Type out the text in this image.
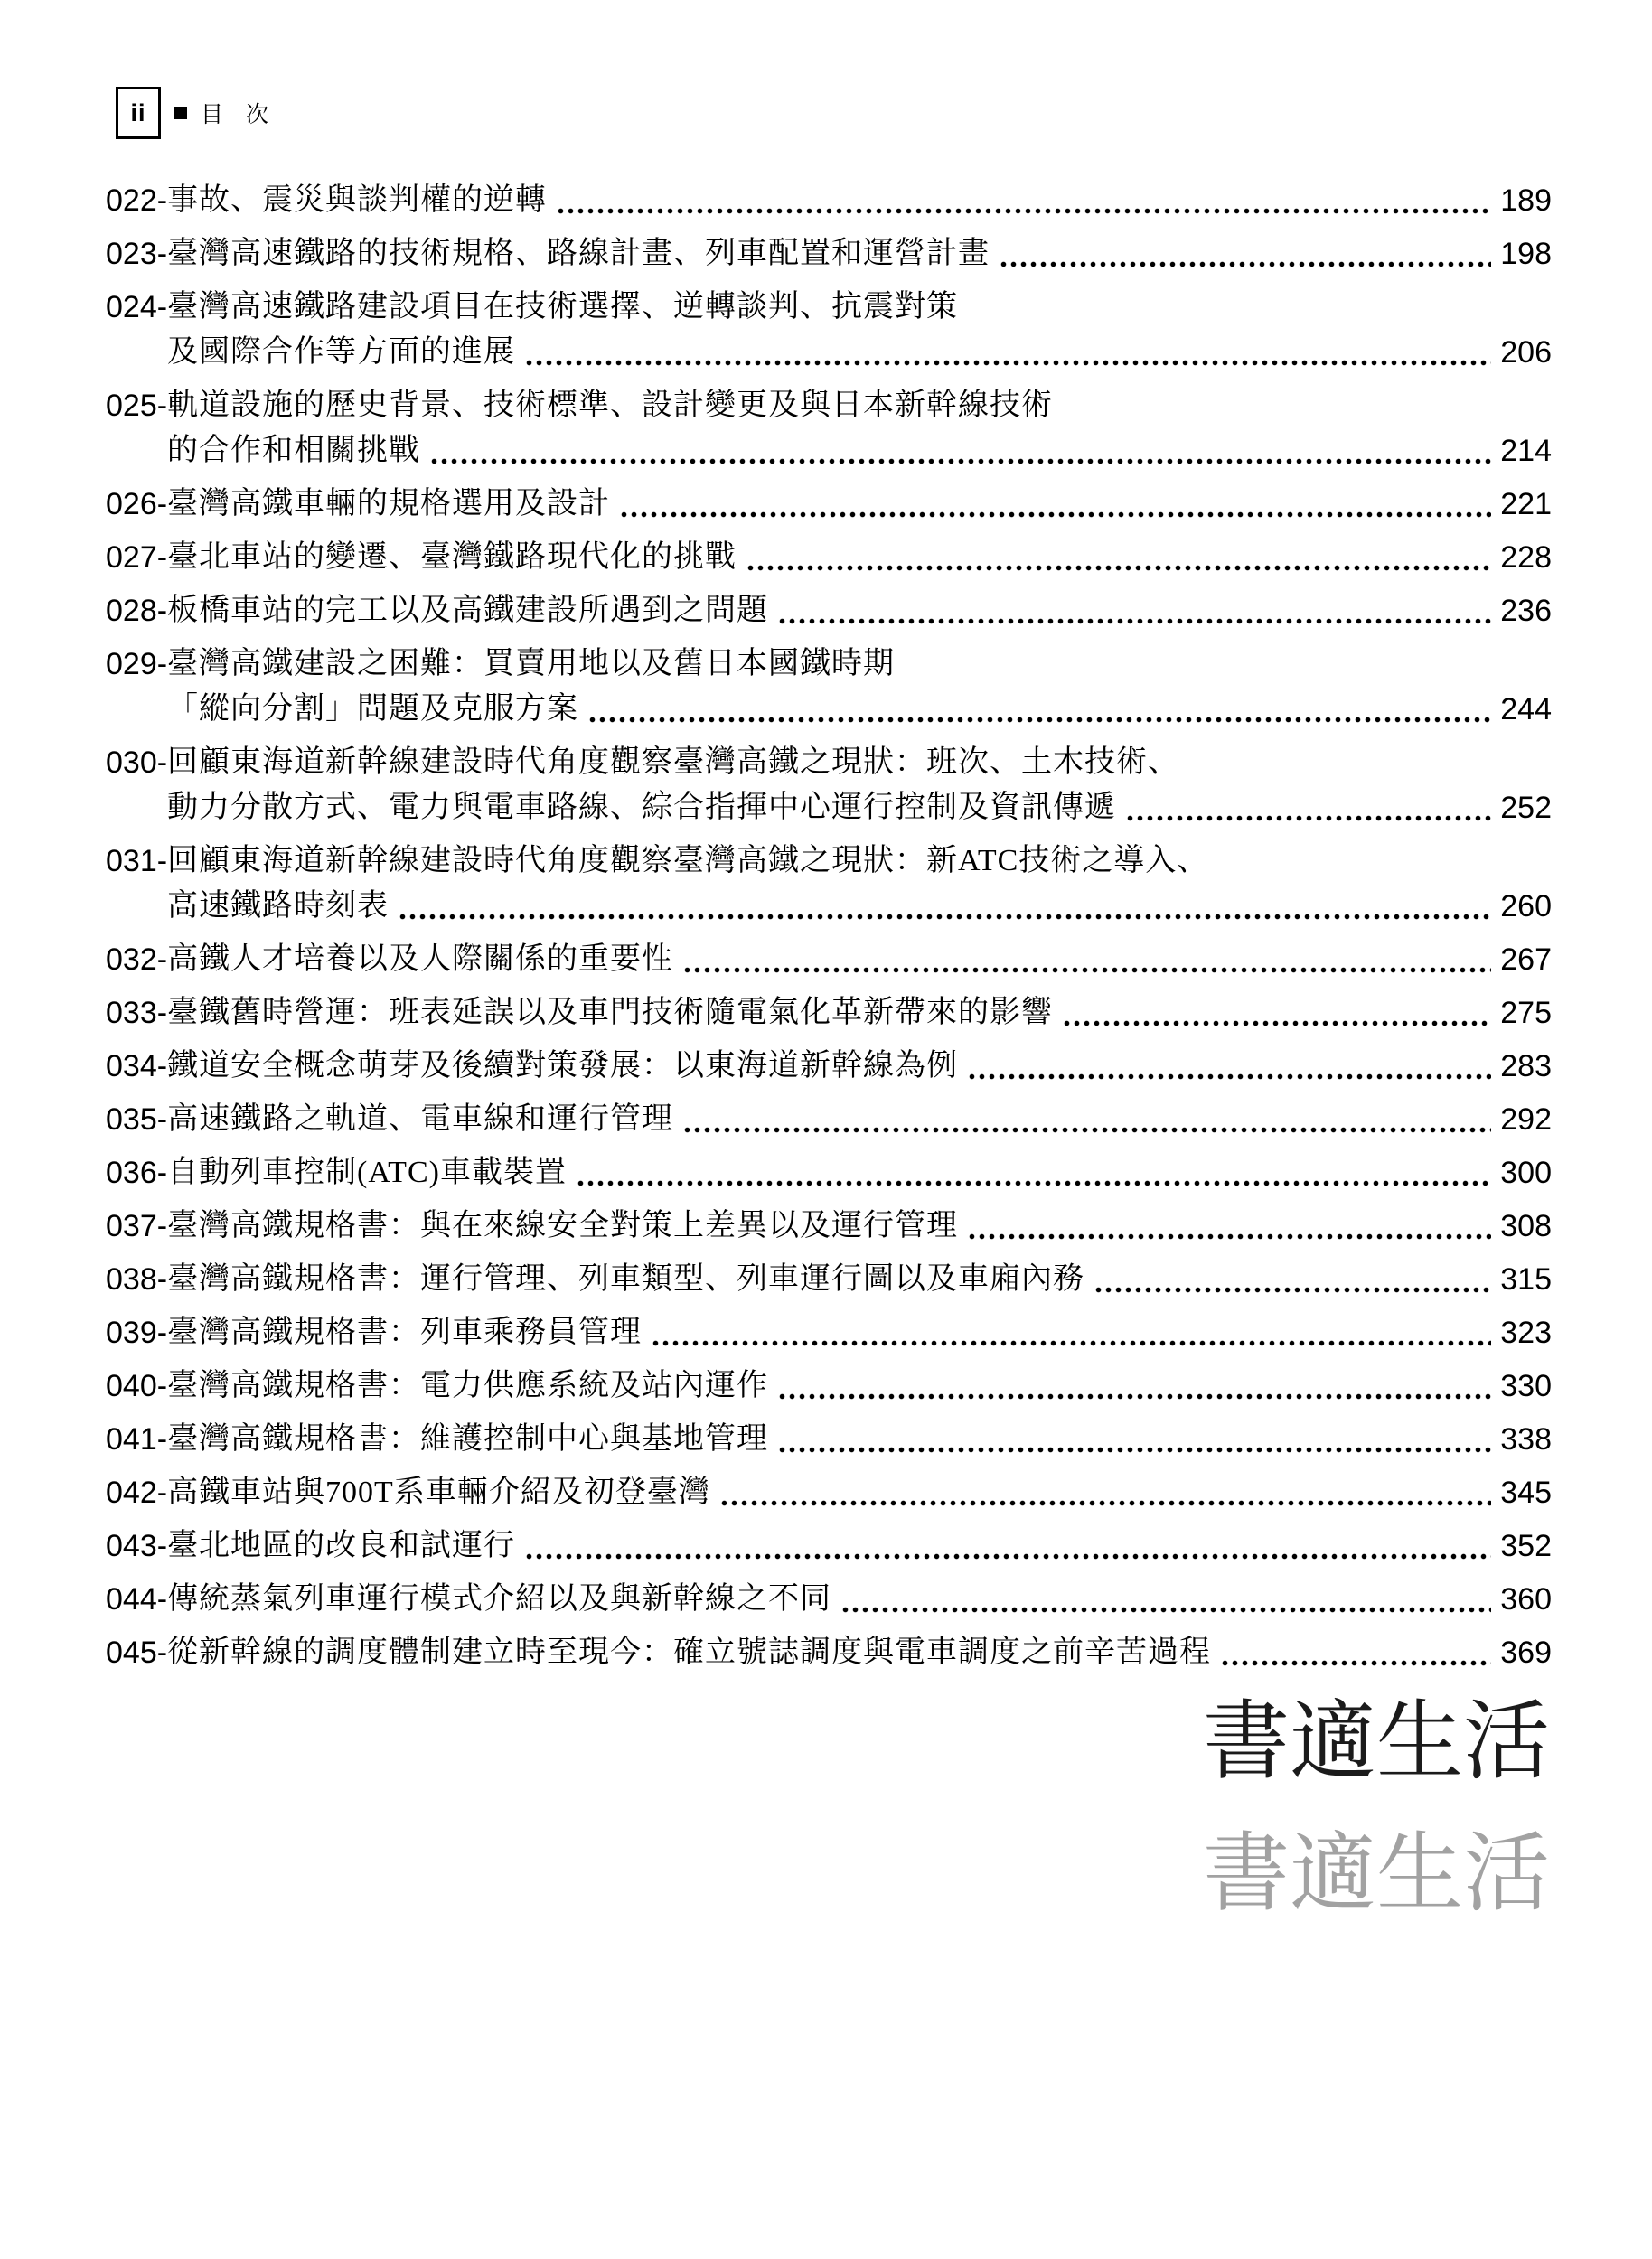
ii	目 次
022- 事故、震災與談判權的逆轉	189
023- 臺灣高速鐵路的技術規格、路線計畫、列車配置和運營計畫	198
024- 臺灣高速鐵路建設項目在技術選擇、逆轉談判、抗震對策
及國際合作等方面的進展	206
025- 軌道設施的歷史背景、技術標準、設計變更及與日本新幹線技術
的合作和相關挑戰	214
026- 臺灣高鐵車輛的規格選用及設計	221
027- 臺北車站的變遷、臺灣鐵路現代化的挑戰	228
028- 板橋車站的完工以及高鐵建設所遇到之問題	236
029- 臺灣高鐵建設之困難：買賣用地以及舊日本國鐵時期
「縱向分割」問題及克服方案	244
030- 回顧東海道新幹線建設時代角度觀察臺灣高鐵之現狀：班次、土木技術、
動力分散方式、電力與電車路線、綜合指揮中心運行控制及資訊傳遞	252
031- 回顧東海道新幹線建設時代角度觀察臺灣高鐵之現狀：新ATC技術之導入、
高速鐵路時刻表	260
032- 高鐵人才培養以及人際關係的重要性	267
033- 臺鐵舊時營運：班表延誤以及車門技術隨電氣化革新帶來的影響	275
034- 鐵道安全概念萌芽及後續對策發展：以東海道新幹線為例	283
035- 高速鐵路之軌道、電車線和運行管理	292
036- 自動列車控制(ATC)車載裝置	300
037- 臺灣高鐵規格書：與在來線安全對策上差異以及運行管理	308
038- 臺灣高鐵規格書：運行管理、列車類型、列車運行圖以及車廂內務	315
039- 臺灣高鐵規格書：列車乘務員管理	323
040- 臺灣高鐵規格書：電力供應系統及站內運作	330
041- 臺灣高鐵規格書：維護控制中心與基地管理	338
042- 高鐵車站與700T系車輛介紹及初登臺灣	345
043- 臺北地區的改良和試運行	352
044- 傳統蒸氣列車運行模式介紹以及與新幹線之不同	360
045- 從新幹線的調度體制建立時至現今：確立號誌調度與電車調度之前辛苦過程	369
書適生活
書適生活
